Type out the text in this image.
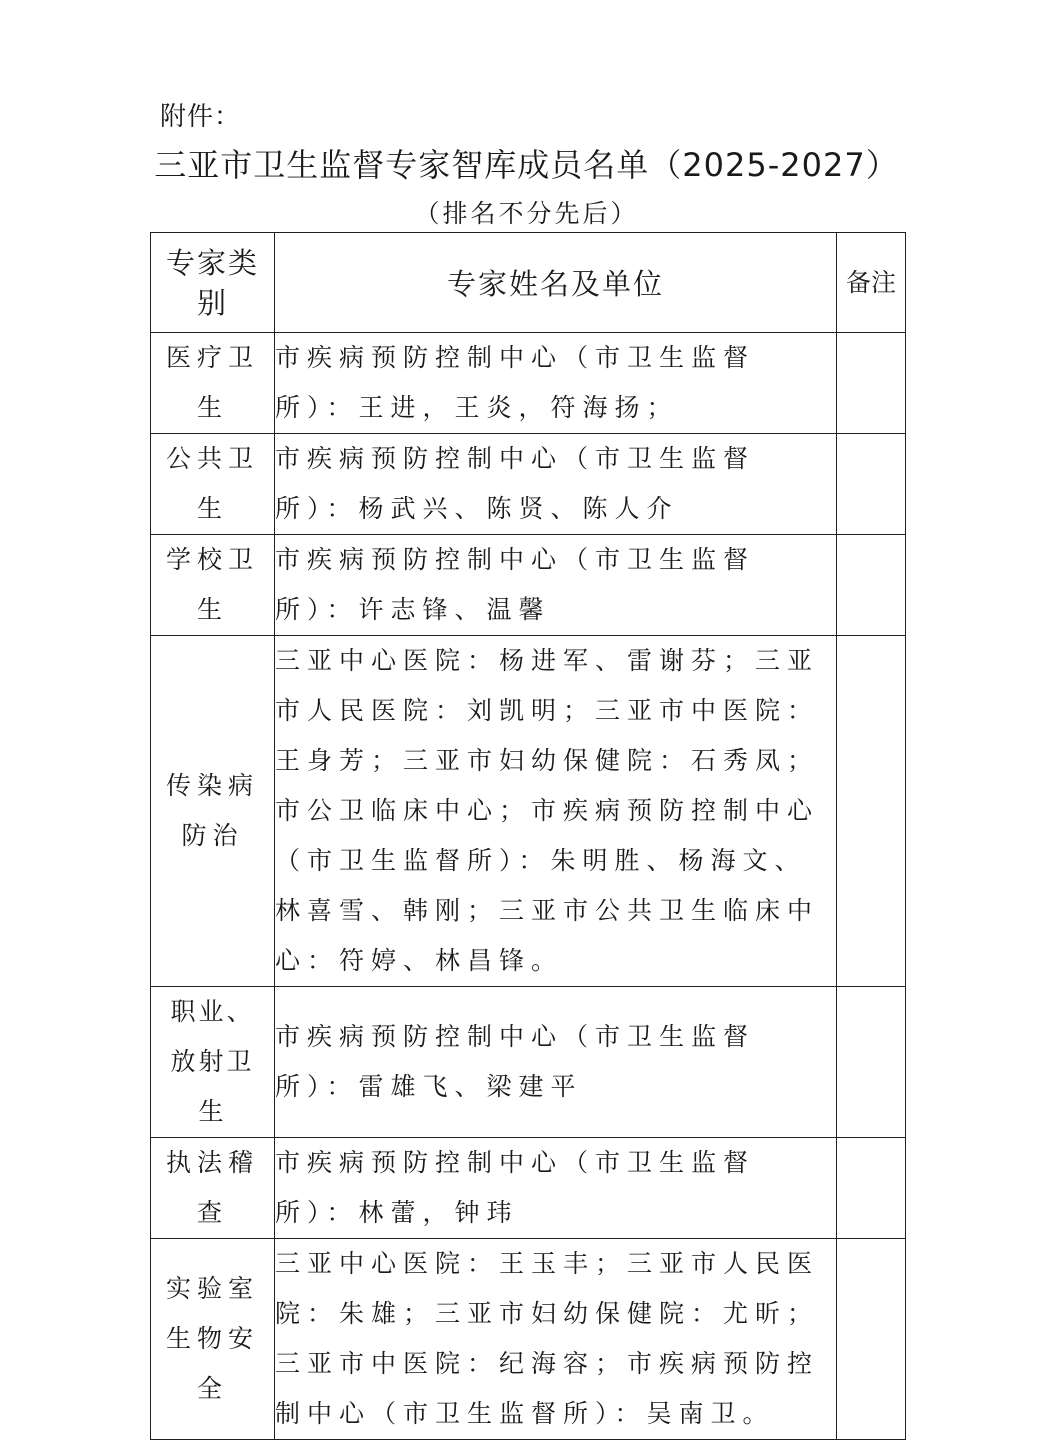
附件：
三亚市卫生监督专家智库成员名单（2025-2027）
（排名不分先后）
专家类别	专家姓名及单位	备注
医疗卫生	市疾病预防控制中心（市卫生监督所）：王进，王炎，符海扬；	
公共卫生	市疾病预防控制中心（市卫生监督所）：杨武兴、陈贤、陈人介	
学校卫生	市疾病预防控制中心（市卫生监督所）：许志锋、温馨	
传染病防治	三亚中心医院：杨进军、雷谢芬；三亚市人民医院：刘凯明；三亚市中医院：王身芳；三亚市妇幼保健院：石秀凤；市公卫临床中心；市疾病预防控制中心（市卫生监督所）：朱明胜、杨海文、林喜雪、韩刚；三亚市公共卫生临床中心：符婷、林昌锋。	
职业、放射卫生	市疾病预防控制中心（市卫生监督所）：雷雄飞、梁建平	
执法稽查	市疾病预防控制中心（市卫生监督所）：林蕾，钟玮	
实验室生物安全	三亚中心医院：王玉丰；三亚市人民医院：朱雄；三亚市妇幼保健院：尤昕；三亚市中医院：纪海容；市疾病预防控制中心（市卫生监督所）：吴南卫。	
